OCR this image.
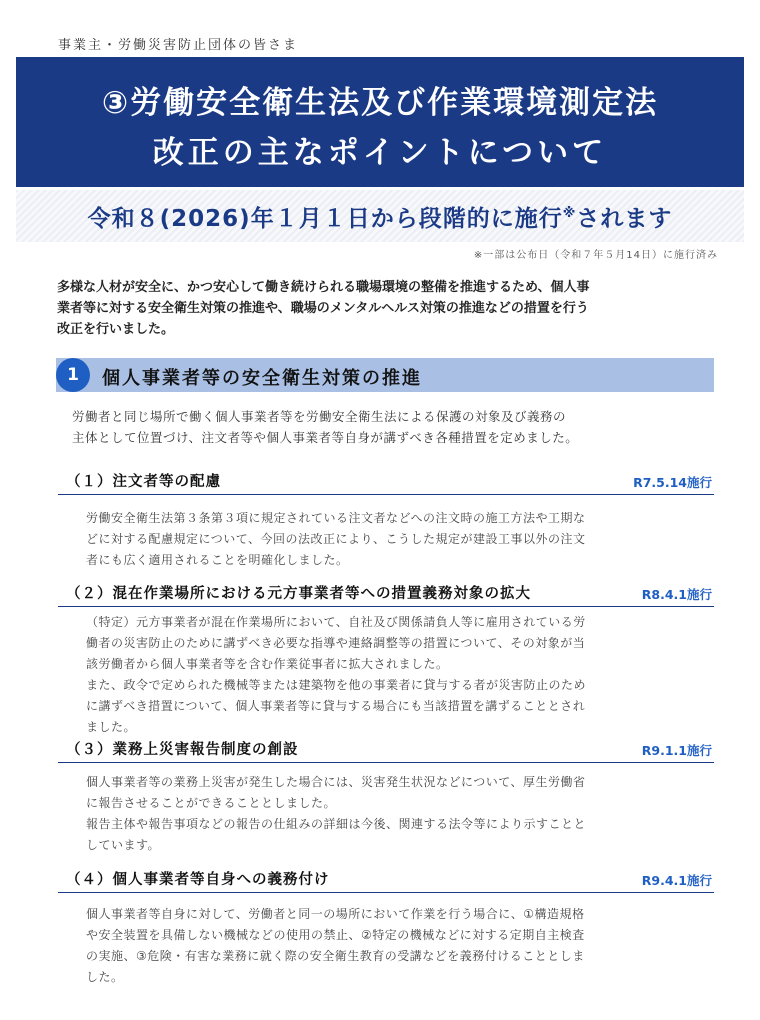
事業主・労働災害防止団体の皆さま
③労働安全衛生法及び作業環境測定法
改正の主なポイントについて
令和８(2026)年１月１日から段階的に施行※されます
※一部は公布日（令和７年５月14日）に施行済み
多様な人材が安全に、かつ安心して働き続けられる職場環境の整備を推進するため、個人事
業者等に対する安全衛生対策の推進や、職場のメンタルヘルス対策の推進などの措置を行う
改正を行いました。
1	個人事業者等の安全衛生対策の推進
労働者と同じ場所で働く個人事業者等を労働安全衛生法による保護の対象及び義務の
主体として位置づけ、注文者等や個人事業者等自身が講ずべき各種措置を定めました。
（１）注文者等の配慮	R7.5.14施行
労働安全衛生法第３条第３項に規定されている注文者などへの注文時の施工方法や工期な
どに対する配慮規定について、今回の法改正により、こうした規定が建設工事以外の注文
者にも広く適用されることを明確化しました。
（２）混在作業場所における元方事業者等への措置義務対象の拡大	R8.4.1施行
（特定）元方事業者が混在作業場所において、自社及び関係請負人等に雇用されている労
働者の災害防止のために講ずべき必要な指導や連絡調整等の措置について、その対象が当
該労働者から個人事業者等を含む作業従事者に拡大されました。
また、政令で定められた機械等または建築物を他の事業者に貸与する者が災害防止のため
に講ずべき措置について、個人事業者等に貸与する場合にも当該措置を講ずることとされ
ました。
（３）業務上災害報告制度の創設	R9.1.1施行
個人事業者等の業務上災害が発生した場合には、災害発生状況などについて、厚生労働省
に報告させることができることとしました。
報告主体や報告事項などの報告の仕組みの詳細は今後、関連する法令等により示すことと
しています。
（４）個人事業者等自身への義務付け	R9.4.1施行
個人事業者等自身に対して、労働者と同一の場所において作業を行う場合に、①構造規格
や安全装置を具備しない機械などの使用の禁止、②特定の機械などに対する定期自主検査
の実施、③危険・有害な業務に就く際の安全衛生教育の受講などを義務付けることとしま
した。
